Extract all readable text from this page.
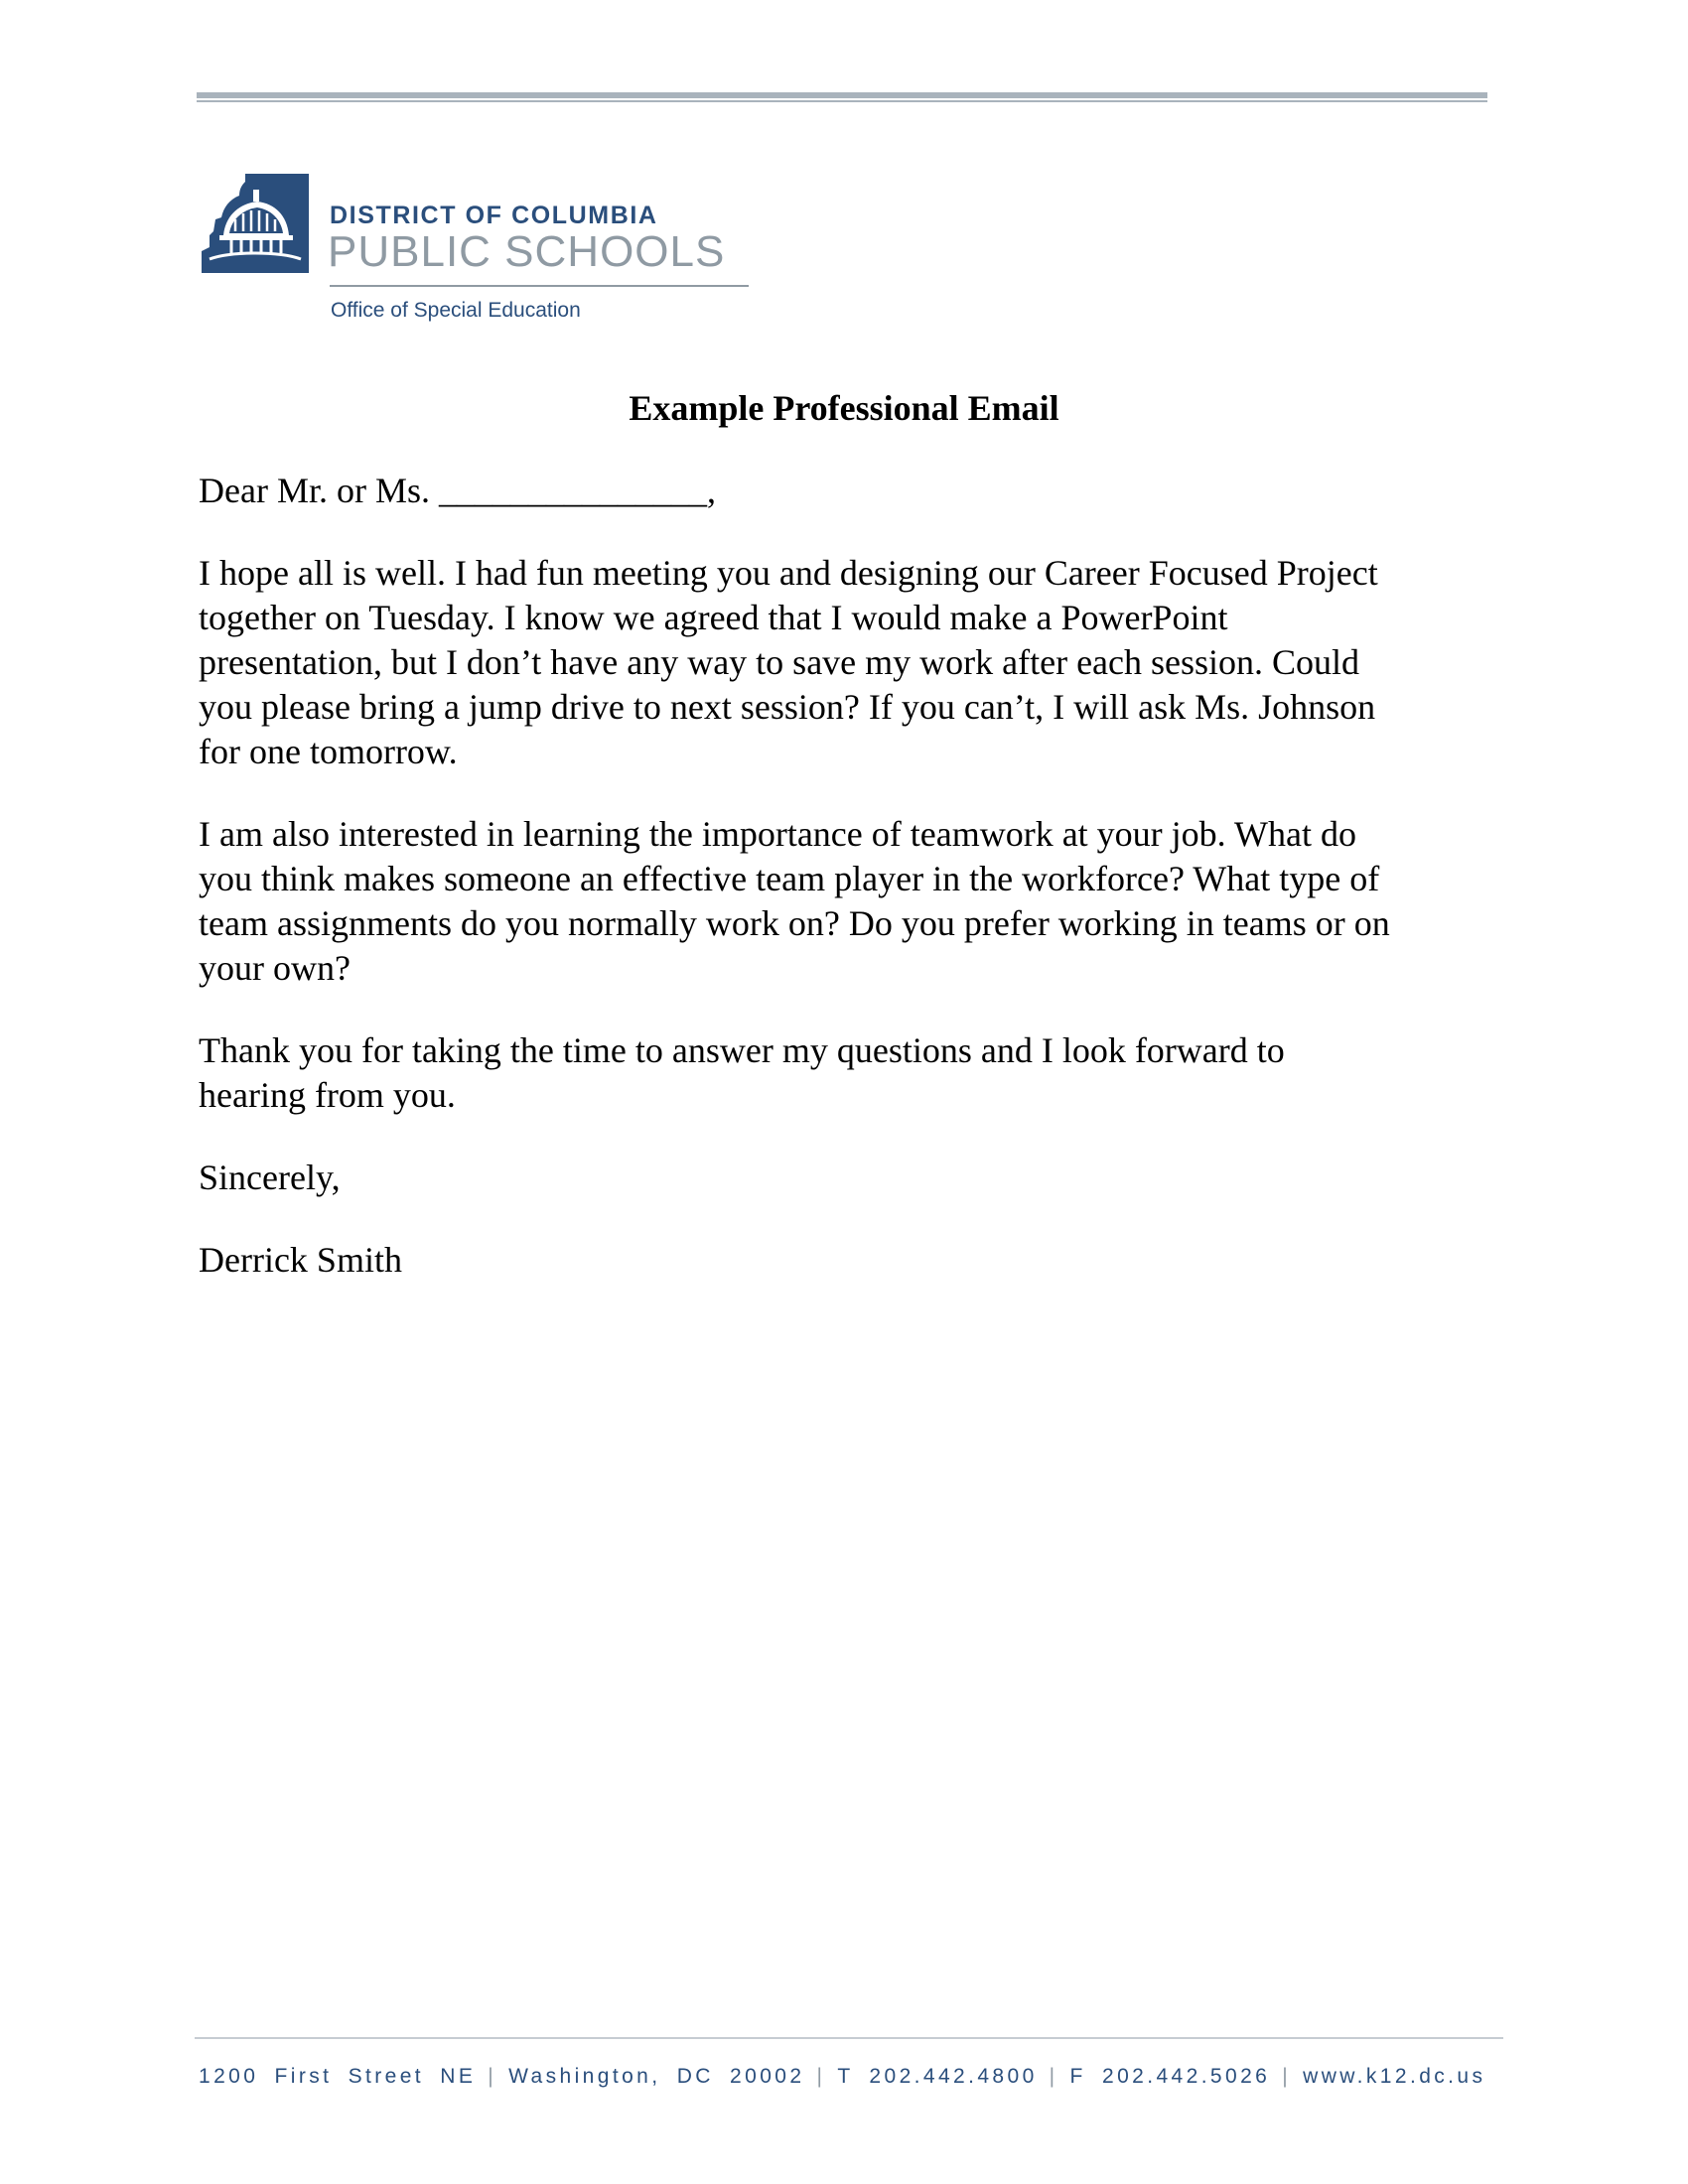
DISTRICT OF COLUMBIA
PUBLIC SCHOOLS
Office of Special Education
Example Professional Email

Dear Mr. or Ms. _______________,

I hope all is well. I had fun meeting you and designing our Career Focused Project
together on Tuesday. I know we agreed that I would make a PowerPoint
presentation, but I don’t have any way to save my work after each session. Could
you please bring a jump drive to next session? If you can’t, I will ask Ms. Johnson
for one tomorrow.

I am also interested in learning the importance of teamwork at your job. What do
you think makes someone an effective team player in the workforce? What type of
team assignments do you normally work on? Do you prefer working in teams or on
your own?

Thank you for taking the time to answer my questions and I look forward to
hearing from you.

Sincerely,

Derrick Smith

1200 First Street NE | Washington, DC 20002 | T 202.442.4800 | F 202.442.5026 | www.k12.dc.us
